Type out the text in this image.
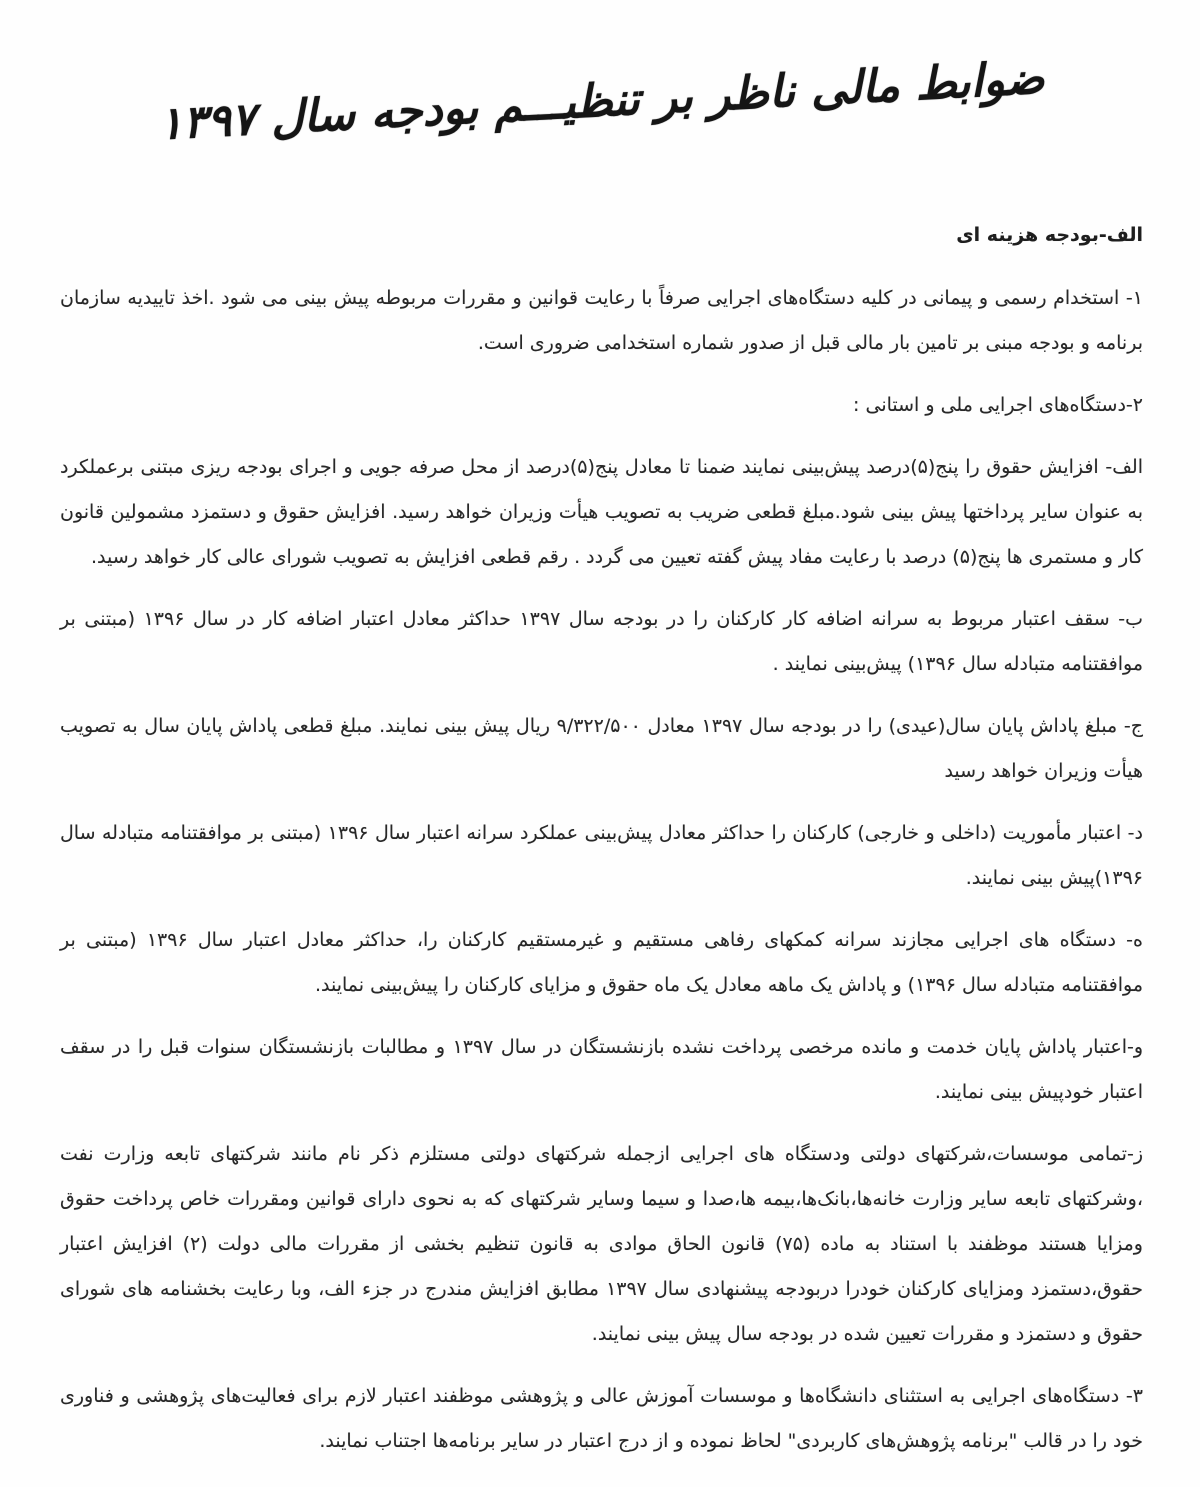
ضوابط مالی ناظر بر تنظیـــم بودجه سال ۱۳۹۷
الف-بودجه هزینه ای
۱- استخدام رسمی و پیمانی در کلیه دستگاه‌های اجرایی صرفاً با رعایت قوانین و مقررات مربوطه پیش بینی می شود .اخذ تاییدیه سازمان برنامه و بودجه مبنی بر تامین بار مالی قبل از صدور شماره استخدامی ضروری است.
۲-دستگاه‌های اجرایی ملی و استانی :
الف- افزایش حقوق را پنج(۵)درصد پیش‌بینی نمایند ضمنا تا معادل پنج(۵)درصد از محل صرفه جویی و اجرای بودجه ریزی مبتنی برعملکرد به عنوان سایر پرداختها پیش بینی شود.مبلغ قطعی ضریب به تصویب هیأت وزیران خواهد رسید. افزایش حقوق و دستمزد مشمولین قانون کار و مستمری ها پنج(۵) درصد با رعایت مفاد پیش گفته تعیین می گردد . رقم قطعی افزایش به تصویب شورای عالی کار خواهد رسید.
ب- سقف اعتبار مربوط به سرانه اضافه کار کارکنان را در بودجه سال ۱۳۹۷ حداکثر معادل اعتبار اضافه کار در سال ۱۳۹۶ (مبتنی بر موافقتنامه متبادله سال ۱۳۹۶) پیش‌بینی نمایند .
ج- مبلغ پاداش پایان سال(عیدی) را در بودجه سال ۱۳۹۷ معادل ۹/۳۲۲/۵۰۰ ریال پیش بینی نمایند. مبلغ قطعی پاداش پایان سال به تصویب هیأت وزیران خواهد رسید
د- اعتبار مأموریت (داخلی و خارجی) کارکنان را حداکثر معادل پیش‌بینی عملکرد سرانه اعتبار سال ۱۳۹۶ (مبتنی بر موافقتنامه متبادله سال ۱۳۹۶)پیش بینی نمایند.
ه- دستگاه های اجرایی مجازند سرانه کمکهای رفاهی مستقیم و غیرمستقیم کارکنان را، حداکثر معادل اعتبار سال ۱۳۹۶ (مبتنی بر موافقتنامه متبادله سال ۱۳۹۶) و پاداش یک ماهه معادل یک ماه حقوق و مزایای کارکنان را پیش‌بینی نمایند.
و-اعتبار پاداش پایان خدمت و مانده مرخصی پرداخت نشده بازنشستگان در سال ۱۳۹۷ و مطالبات بازنشستگان سنوات قبل را در سقف اعتبار خودپیش بینی نمایند.
ز-تمامی موسسات،شرکتهای دولتی ودستگاه های اجرایی ازجمله شرکتهای دولتی مستلزم ذکر نام مانند شرکتهای تابعه وزارت نفت ،وشرکتهای تابعه سایر وزارت خانه‌ها،بانک‌ها،بیمه ها،صدا و سیما وسایر شرکتهای که به نحوی دارای قوانین ومقررات خاص پرداخت حقوق ومزایا هستند موظفند با استناد به ماده (۷۵) قانون الحاق موادی به قانون تنظیم بخشی از مقررات مالی دولت (۲) افزایش اعتبار حقوق،دستمزد ومزایای کارکنان خودرا دربودجه پیشنهادی سال ۱۳۹۷ مطابق افزایش مندرج در جزء الف، وبا رعایت بخشنامه های شورای حقوق و دستمزد و مقررات تعیین شده در بودجه سال پیش بینی نمایند.
۳- دستگاه‌های اجرایی به استثنای دانشگاه‌ها و موسسات آموزش عالی و پژوهشی موظفند اعتبار لازم برای فعالیت‌های پژوهشی و فناوری خود را در قالب "برنامه پژوهش‌های کاربردی" لحاظ نموده و از درج اعتبار در سایر برنامه‌ها اجتناب نمایند.
